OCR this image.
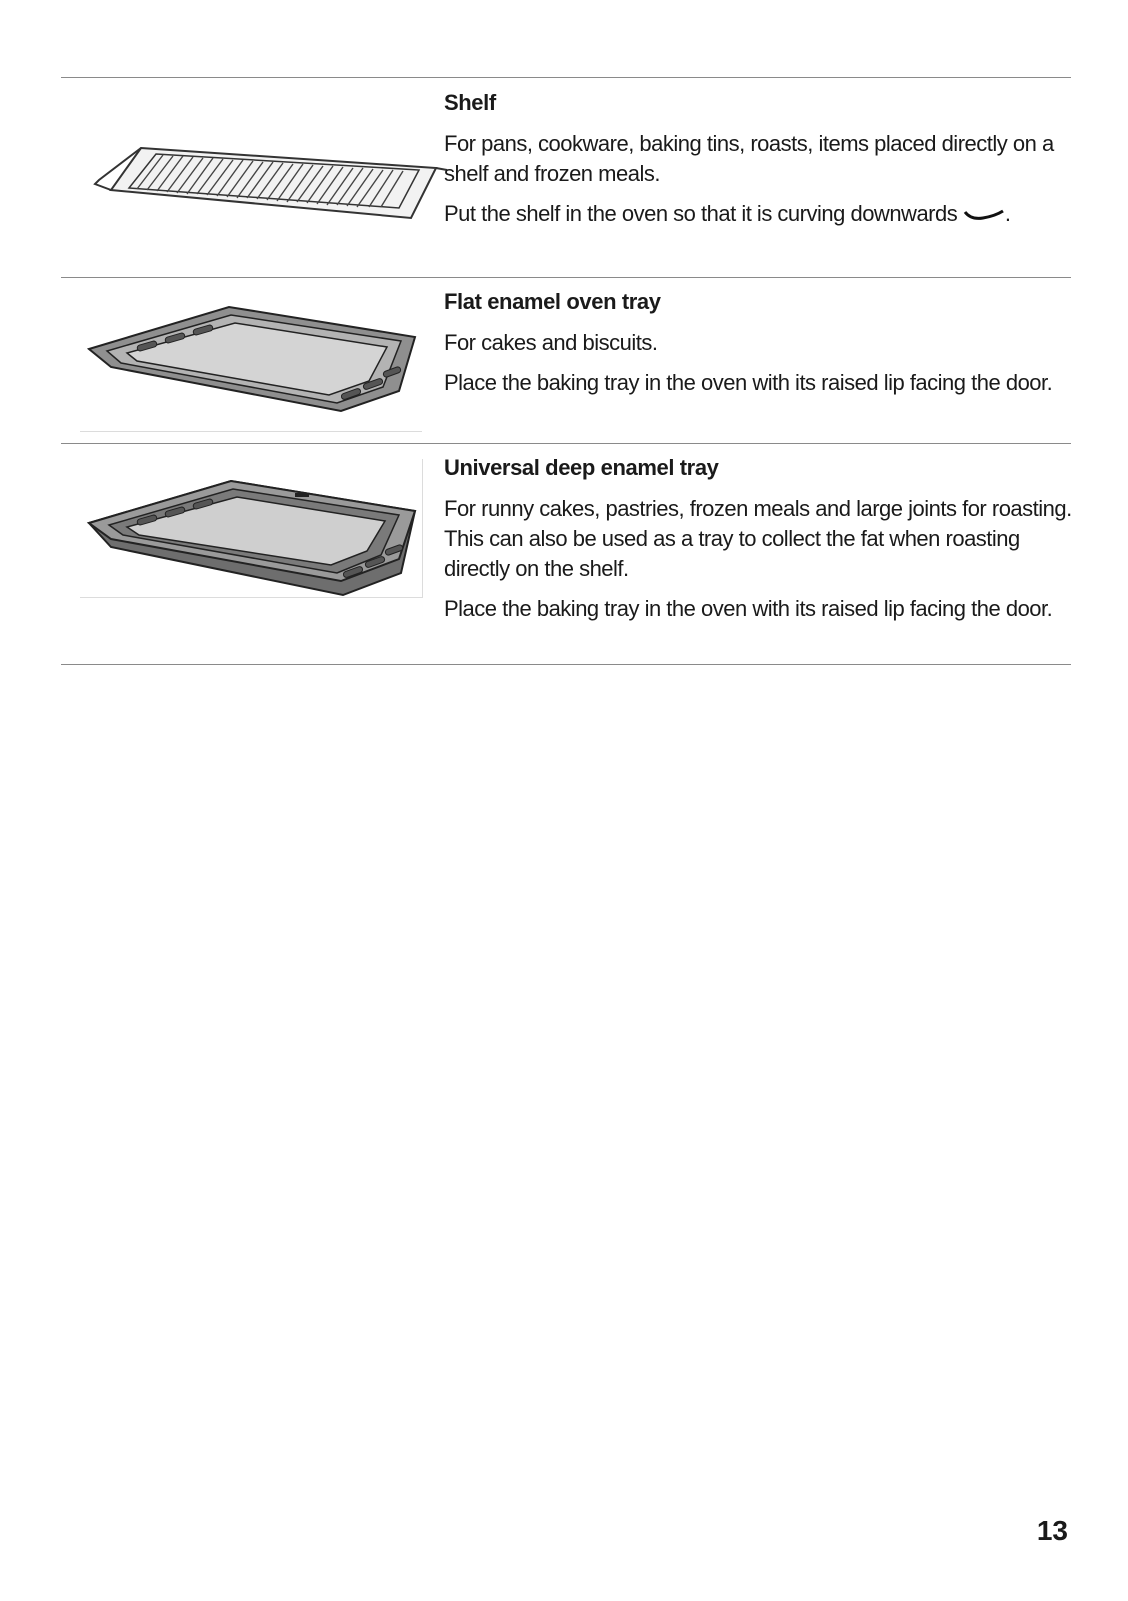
Shelf

For pans, cookware, baking tins, roasts, items placed directly on a shelf and frozen meals.

Put the shelf in the oven so that it is curving downwards .

Flat enamel oven tray

For cakes and biscuits.

Place the baking tray in the oven with its raised lip facing the door.

Universal deep enamel tray

For runny cakes, pastries, frozen meals and large joints for roasting. This can also be used as a tray to collect the fat when roasting directly on the shelf.

Place the baking tray in the oven with its raised lip facing the door.

13
